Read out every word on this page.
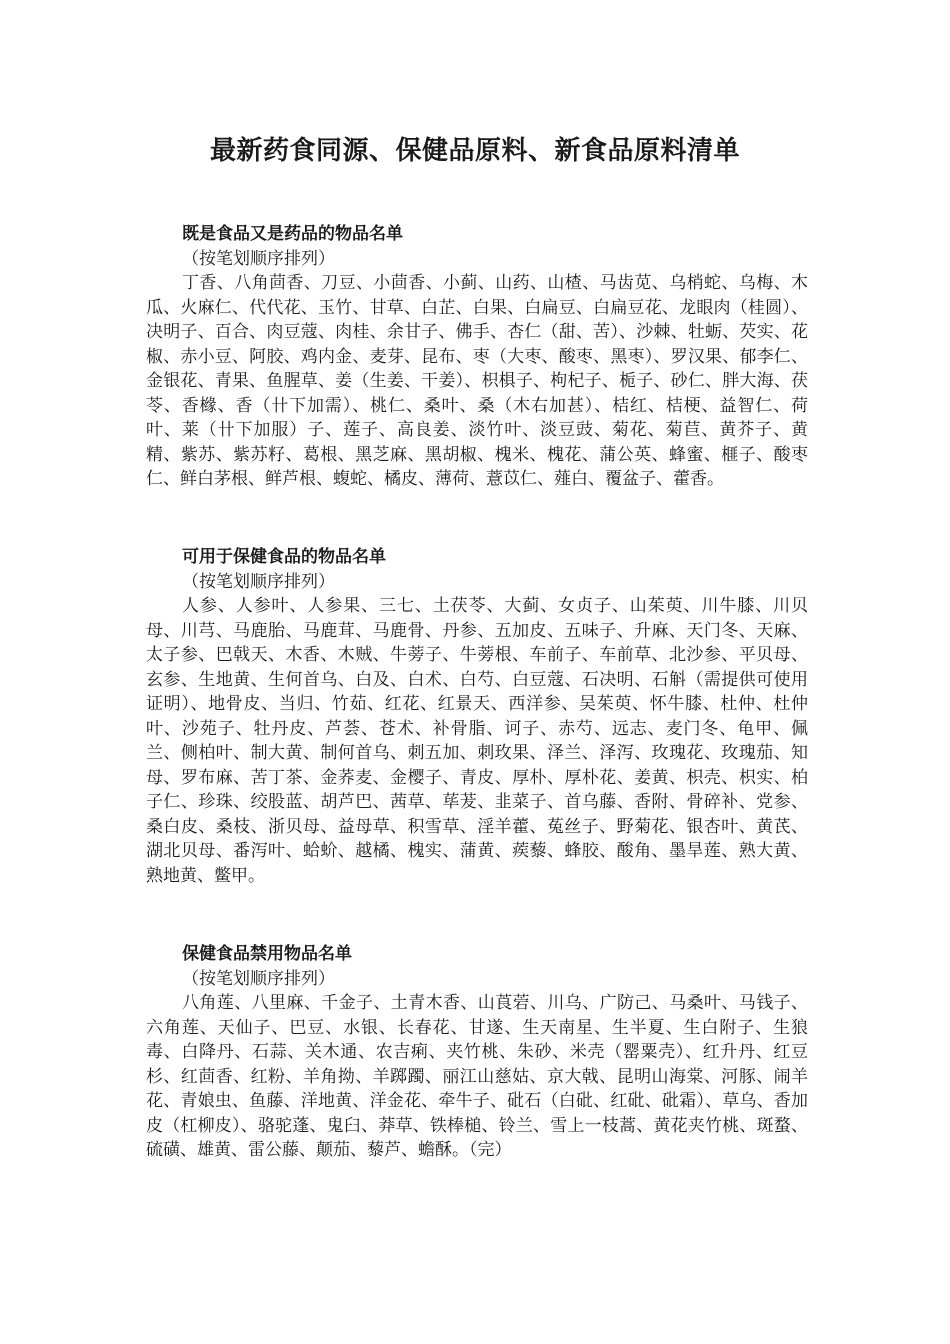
最新药食同源、保健品原料、新食品原料清单

既是食品又是药品的物品名单

（按笔划顺序排列）

丁香、八角茴香、刀豆、小茴香、小蓟、山药、山楂、马齿苋、乌梢蛇、乌梅、木瓜、火麻仁、代代花、玉竹、甘草、白芷、白果、白扁豆、白扁豆花、龙眼肉（桂圆）、决明子、百合、肉豆蔻、肉桂、余甘子、佛手、杏仁（甜、苦）、沙棘、牡蛎、芡实、花椒、赤小豆、阿胶、鸡内金、麦芽、昆布、枣（大枣、酸枣、黑枣）、罗汉果、郁李仁、金银花、青果、鱼腥草、姜（生姜、干姜）、枳椇子、枸杞子、栀子、砂仁、胖大海、茯苓、香橼、香（卄下加需）、桃仁、桑叶、桑（木右加甚）、桔红、桔梗、益智仁、荷叶、莱（卄下加服）子、莲子、高良姜、淡竹叶、淡豆豉、菊花、菊苣、黄芥子、黄精、紫苏、紫苏籽、葛根、黑芝麻、黑胡椒、槐米、槐花、蒲公英、蜂蜜、榧子、酸枣仁、鲜白茅根、鲜芦根、蝮蛇、橘皮、薄荷、薏苡仁、薤白、覆盆子、藿香。

可用于保健食品的物品名单

（按笔划顺序排列）

人参、人参叶、人参果、三七、土茯苓、大蓟、女贞子、山茱萸、川牛膝、川贝母、川芎、马鹿胎、马鹿茸、马鹿骨、丹参、五加皮、五味子、升麻、天门冬、天麻、太子参、巴戟天、木香、木贼、牛蒡子、牛蒡根、车前子、车前草、北沙参、平贝母、玄参、生地黄、生何首乌、白及、白术、白芍、白豆蔻、石决明、石斛（需提供可使用证明）、地骨皮、当归、竹茹、红花、红景天、西洋参、吴茱萸、怀牛膝、杜仲、杜仲叶、沙苑子、牡丹皮、芦荟、苍术、补骨脂、诃子、赤芍、远志、麦门冬、龟甲、佩兰、侧柏叶、制大黄、制何首乌、刺五加、刺玫果、泽兰、泽泻、玫瑰花、玫瑰茄、知母、罗布麻、苦丁茶、金荞麦、金樱子、青皮、厚朴、厚朴花、姜黄、枳壳、枳实、柏子仁、珍珠、绞股蓝、胡芦巴、茜草、荜茇、韭菜子、首乌藤、香附、骨碎补、党参、桑白皮、桑枝、浙贝母、益母草、积雪草、淫羊藿、菟丝子、野菊花、银杏叶、黄芪、湖北贝母、番泻叶、蛤蚧、越橘、槐实、蒲黄、蒺藜、蜂胶、酸角、墨旱莲、熟大黄、熟地黄、鳖甲。

保健食品禁用物品名单

（按笔划顺序排列）

八角莲、八里麻、千金子、土青木香、山莨菪、川乌、广防己、马桑叶、马钱子、六角莲、天仙子、巴豆、水银、长春花、甘遂、生天南星、生半夏、生白附子、生狼毒、白降丹、石蒜、关木通、农吉痢、夹竹桃、朱砂、米壳（罂粟壳）、红升丹、红豆杉、红茴香、红粉、羊角拗、羊踯躅、丽江山慈姑、京大戟、昆明山海棠、河豚、闹羊花、青娘虫、鱼藤、洋地黄、洋金花、牵牛子、砒石（白砒、红砒、砒霜）、草乌、香加皮（杠柳皮）、骆驼蓬、鬼臼、莽草、铁棒槌、铃兰、雪上一枝蒿、黄花夹竹桃、斑蝥、硫磺、雄黄、雷公藤、颠茄、藜芦、蟾酥。（完）
